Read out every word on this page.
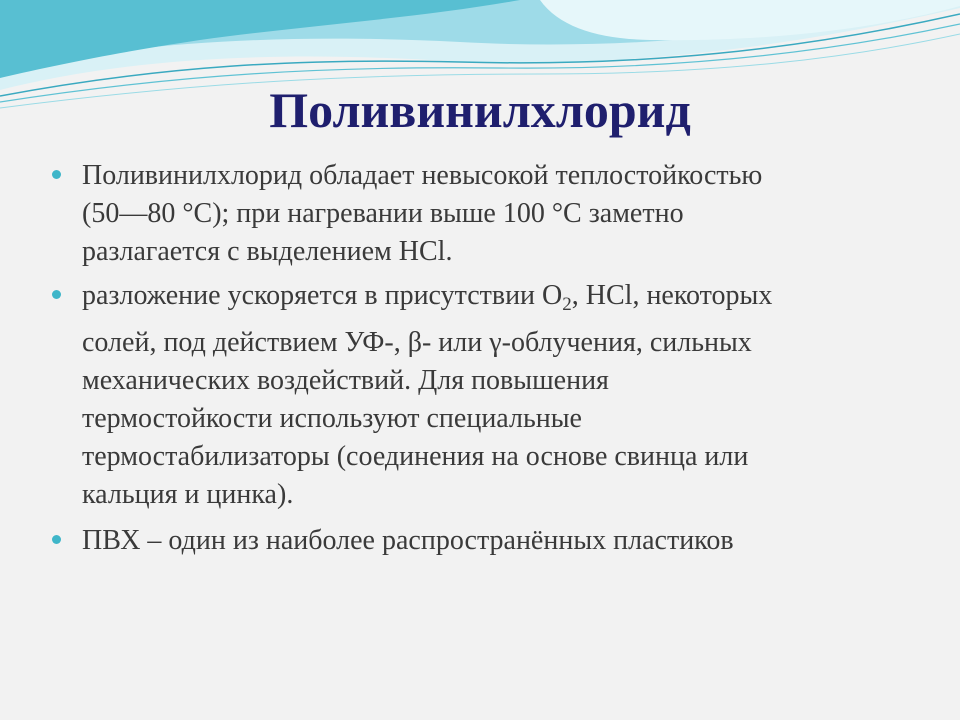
Поливинилхлорид
Поливинилхлорид обладает невысокой теплостойкостью
(50—80 °С); при нагревании выше 100 °С заметно
разлагается с выделением HCl.
разложение ускоряется в присутствии $O_2$, HCl, некоторых
солей, под действием УФ-, β- или γ-облучения, сильных
механических воздействий. Для повышения
термостойкости используют специальные
термостабилизаторы (соединения на основе свинца или
кальция и цинка).
ПВХ – один из наиболее распространённых пластиков
